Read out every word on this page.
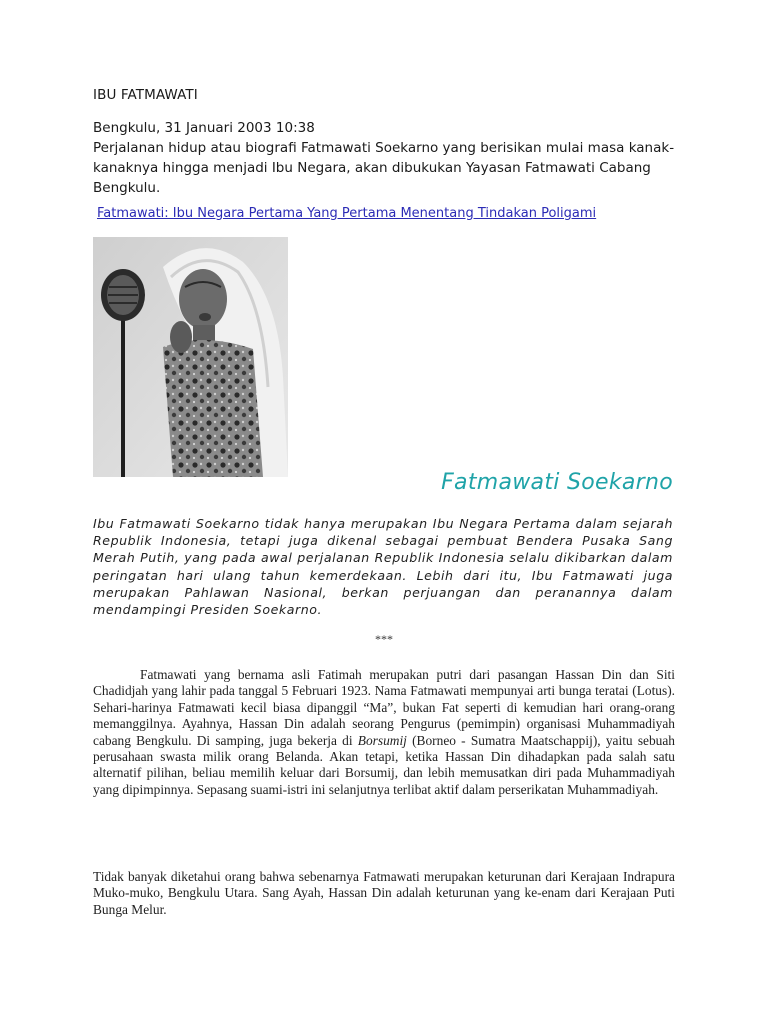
IBU FATMAWATI
Bengkulu, 31 Januari 2003 10:38
Perjalanan hidup atau biografi Fatmawati Soekarno yang berisikan mulai masa kanak-kanaknya hingga menjadi Ibu Negara, akan dibukukan Yayasan Fatmawati Cabang Bengkulu.
Fatmawati: Ibu Negara Pertama Yang Pertama Menentang Tindakan Poligami
Fatmawati Soekarno

Ibu Fatmawati Soekarno tidak hanya merupakan Ibu Negara Pertama dalam sejarah Republik Indonesia, tetapi juga dikenal sebagai pembuat Bendera Pusaka Sang Merah Putih, yang pada awal perjalanan Republik Indonesia selalu dikibarkan dalam peringatan hari ulang tahun kemerdekaan. Lebih dari itu, Ibu Fatmawati juga merupakan Pahlawan Nasional, berkan perjuangan dan peranannya dalam mendampingi Presiden Soekarno.

***

Fatmawati yang bernama asli Fatimah merupakan putri dari pasangan Hassan Din dan Siti Chadidjah yang lahir pada tanggal 5 Februari 1923. Nama Fatmawati mempunyai arti bunga teratai (Lotus). Sehari-harinya Fatmawati kecil biasa dipanggil “Ma”, bukan Fat seperti di kemudian hari orang-orang memanggilnya. Ayahnya, Hassan Din adalah seorang Pengurus (pemimpin) organisasi Muhammadiyah cabang Bengkulu. Di samping, juga bekerja di Borsumij (Borneo - Sumatra Maatschappij), yaitu sebuah perusahaan swasta milik orang Belanda. Akan tetapi, ketika Hassan Din dihadapkan pada salah satu alternatif pilihan, beliau memilih keluar dari Borsumij, dan lebih memusatkan diri pada Muhammadiyah yang dipimpinnya. Sepasang suami-istri ini selanjutnya terlibat aktif dalam perserikatan Muhammadiyah.

Tidak banyak diketahui orang bahwa sebenarnya Fatmawati merupakan keturunan dari Kerajaan Indrapura Muko-muko, Bengkulu Utara. Sang Ayah, Hassan Din adalah keturunan yang ke-enam dari Kerajaan Puti Bunga Melur.
